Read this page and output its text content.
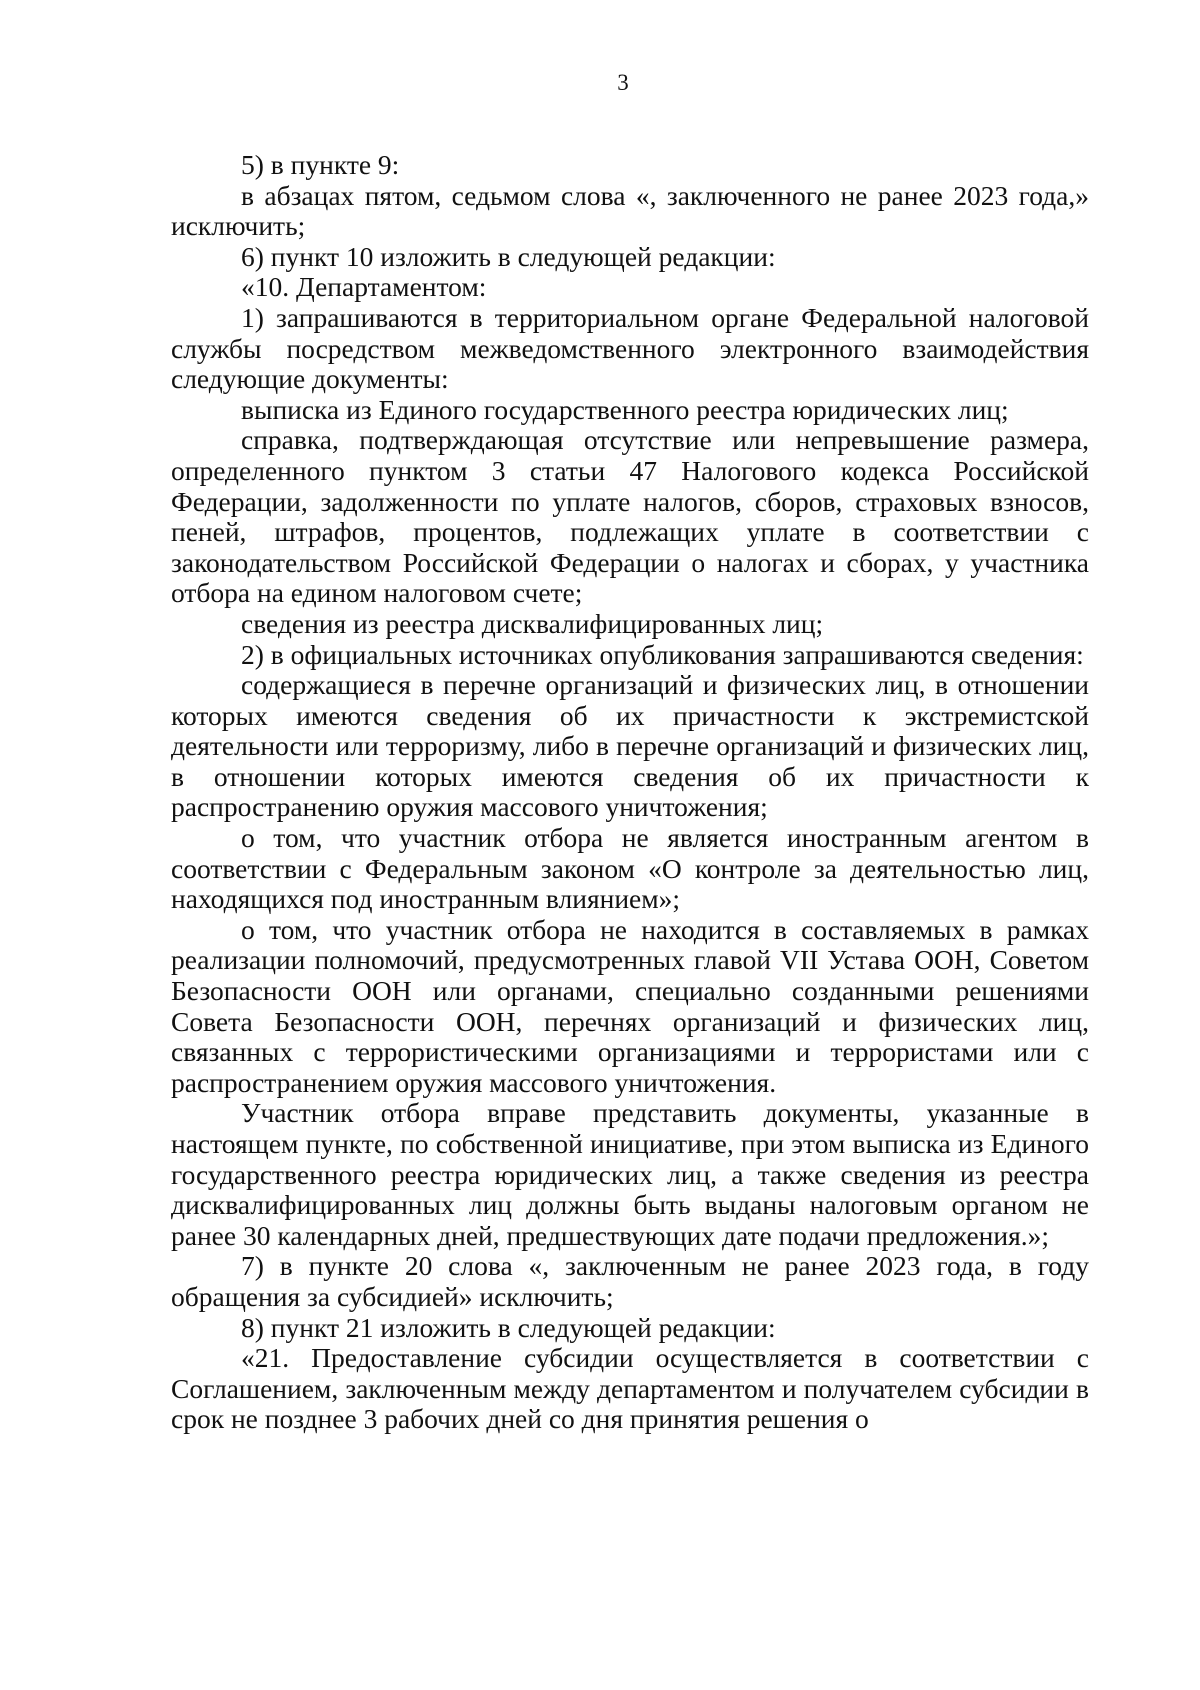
3

5) в пункте 9:

в абзацах пятом, седьмом слова «, заключенного не ранее 2023 года,» исключить;

6) пункт 10 изложить в следующей редакции:

«10. Департаментом:

1) запрашиваются в территориальном органе Федеральной налоговой службы посредством межведомственного электронного взаимодействия следующие документы:

выписка из Единого государственного реестра юридических лиц;

справка, подтверждающая отсутствие или непревышение размера, определенного пунктом 3 статьи 47 Налогового кодекса Российской Федерации, задолженности по уплате налогов, сборов, страховых взносов, пеней, штрафов, процентов, подлежащих уплате в соответствии с законодательством Российской Федерации о налогах и сборах, у участника отбора на едином налоговом счете;

сведения из реестра дисквалифицированных лиц;

2) в официальных источниках опубликования запрашиваются сведения:

содержащиеся в перечне организаций и физических лиц, в отношении которых имеются сведения об их причастности к экстремистской деятельности или терроризму, либо в перечне организаций и физических лиц, в отношении которых имеются сведения об их причастности к распространению оружия массового уничтожения;

о том, что участник отбора не является иностранным агентом в соответствии с Федеральным законом «О контроле за деятельностью лиц, находящихся под иностранным влиянием»;

о том, что участник отбора не находится в составляемых в рамках реализации полномочий, предусмотренных главой VII Устава ООН, Советом Безопасности ООН или органами, специально созданными решениями Совета Безопасности ООН, перечнях организаций и физических лиц, связанных с террористическими организациями и террористами или с распространением оружия массового уничтожения.

Участник отбора вправе представить документы, указанные в настоящем пункте, по собственной инициативе, при этом выписка из Единого государственного реестра юридических лиц, а также сведения из реестра дисквалифицированных лиц должны быть выданы налоговым органом не ранее 30 календарных дней, предшествующих дате подачи предложения.»;

7) в пункте 20 слова «, заключенным не ранее 2023 года, в году обращения за субсидией» исключить;

8) пункт 21 изложить в следующей редакции:

«21. Предоставление субсидии осуществляется в соответствии с Соглашением, заключенным между департаментом и получателем субсидии в срок не позднее 3 рабочих дней со дня принятия решения о
